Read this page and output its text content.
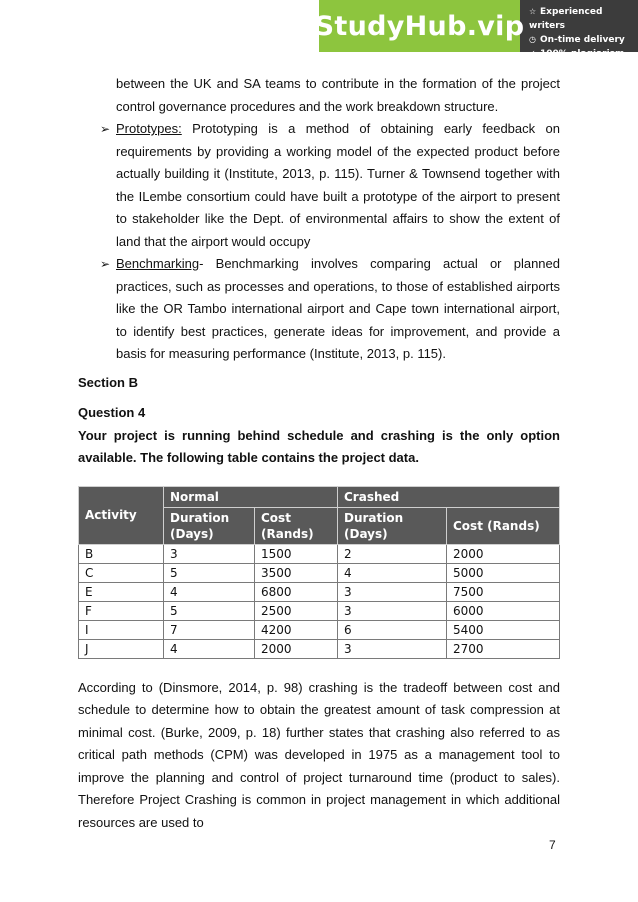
StudyHub.vip ☆ Experienced writers
◷ On-time delivery
✓ 100% plagiarism free
between the UK and SA teams to contribute in the formation of the project control governance procedures and the work breakdown structure.
➢ Prototypes: Prototyping is a method of obtaining early feedback on requirements by providing a working model of the expected product before actually building it (Institute, 2013, p. 115). Turner & Townsend together with the ILembe consortium could have built a prototype of the airport to present to stakeholder like the Dept. of environmental affairs to show the extent of land that the airport would occupy
➢ Benchmarking- Benchmarking involves comparing actual or planned practices, such as processes and operations, to those of established airports like the OR Tambo international airport and Cape town international airport, to identify best practices, generate ideas for improvement, and provide a basis for measuring performance (Institute, 2013, p. 115).
Section B
Question 4
Your project is running behind schedule and crashing is the only option available. The following table contains the project data.
Activity	Normal		Crashed	
	Duration (Days)	Cost (Rands)	Duration (Days)	Cost (Rands)
B	3	1500	2	2000
C	5	3500	4	5000
E	4	6800	3	7500
F	5	2500	3	6000
I	7	4200	6	5400
J	4	2000	3	2700
According to (Dinsmore, 2014, p. 98) crashing is the tradeoff between cost and schedule to determine how to obtain the greatest amount of task compression at minimal cost. (Burke, 2009, p. 18) further states that crashing also referred to as critical path methods (CPM) was developed in 1975 as a management tool to improve the planning and control of project turnaround time (product to sales). Therefore Project Crashing is common in project management in which additional resources are used to
7
